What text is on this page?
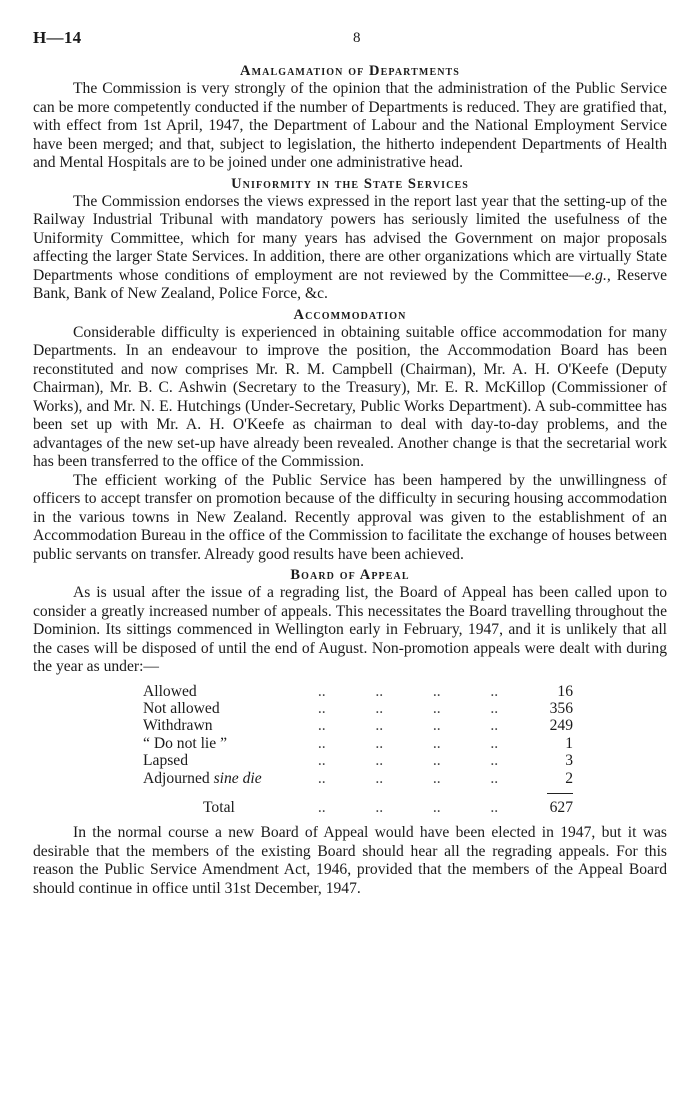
H—14	8
Amalgamation of Departments

The Commission is very strongly of the opinion that the administration of the Public Service can be more competently conducted if the number of Departments is reduced. They are gratified that, with effect from 1st April, 1947, the Department of Labour and the National Employment Service have been merged; and that, subject to legislation, the hitherto independent Departments of Health and Mental Hospitals are to be joined under one administrative head.

Uniformity in the State Services

The Commission endorses the views expressed in the report last year that the setting-up of the Railway Industrial Tribunal with mandatory powers has seriously limited the usefulness of the Uniformity Committee, which for many years has advised the Government on major proposals affecting the larger State Services. In addition, there are other organizations which are virtually State Departments whose conditions of employment are not reviewed by the Committee—e.g., Reserve Bank, Bank of New Zealand, Police Force, &c.

Accommodation

Considerable difficulty is experienced in obtaining suitable office accommodation for many Departments. In an endeavour to improve the position, the Accommodation Board has been reconstituted and now comprises Mr. R. M. Campbell (Chairman), Mr. A. H. O'Keefe (Deputy Chairman), Mr. B. C. Ashwin (Secretary to the Treasury), Mr. E. R. McKillop (Commissioner of Works), and Mr. N. E. Hutchings (Under-Secretary, Public Works Department). A sub-committee has been set up with Mr. A. H. O'Keefe as chairman to deal with day-to-day problems, and the advantages of the new set-up have already been revealed. Another change is that the secretarial work has been transferred to the office of the Commission.

The efficient working of the Public Service has been hampered by the unwillingness of officers to accept transfer on promotion because of the difficulty in securing housing accommodation in the various towns in New Zealand. Recently approval was given to the establishment of an Accommodation Bureau in the office of the Commission to facilitate the exchange of houses between public servants on transfer. Already good results have been achieved.

Board of Appeal

As is usual after the issue of a regrading list, the Board of Appeal has been called upon to consider a greatly increased number of appeals. This necessitates the Board travelling throughout the Dominion. Its sittings commenced in Wellington early in February, 1947, and it is unlikely that all the cases will be disposed of until the end of August. Non-promotion appeals were dealt with during the year as under:—

Allowed	..	..	..	..	16
Not allowed	..	..	..	..	356
Withdrawn	..	..	..	..	249
“ Do not lie ”	..	..	..	..	1
Lapsed	..	..	..	..	3
Adjourned sine die	..	..	..	..	2
Total	..	..	..	..	627

In the normal course a new Board of Appeal would have been elected in 1947, but it was desirable that the members of the existing Board should hear all the regrading appeals. For this reason the Public Service Amendment Act, 1946, provided that the members of the Appeal Board should continue in office until 31st December, 1947.
